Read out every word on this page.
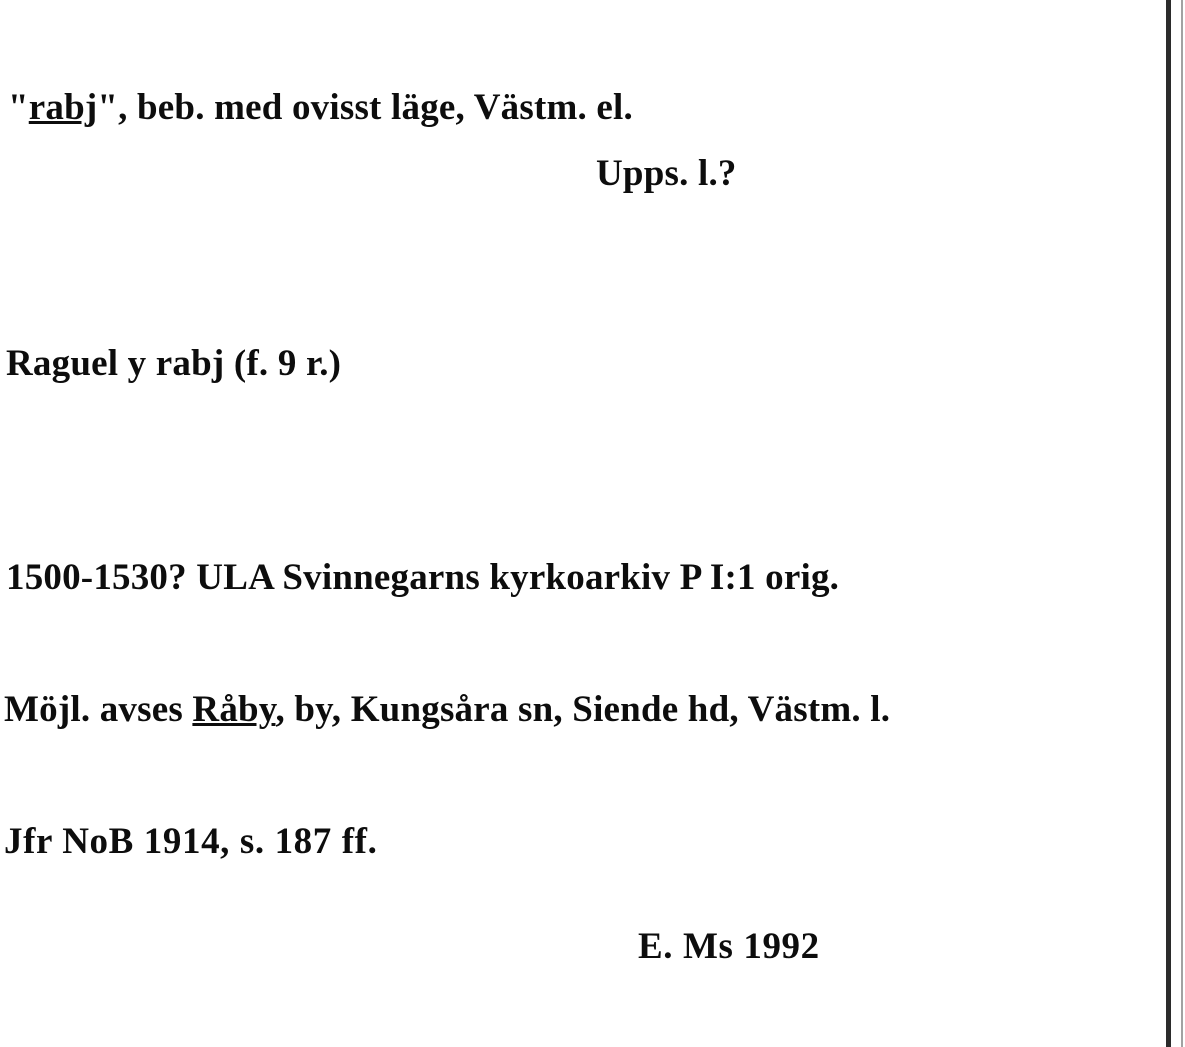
"rabj", beb. med ovisst läge, Västm. el.
Upps. l.?
Raguel y rabj (f. 9 r.)
1500-1530? ULA Svinnegarns kyrkoarkiv P I:1 orig.
Möjl. avses Råby, by, Kungsåra sn, Siende hd, Västm. l.
Jfr NoB 1914, s. 187 ff.
E. Ms 1992
